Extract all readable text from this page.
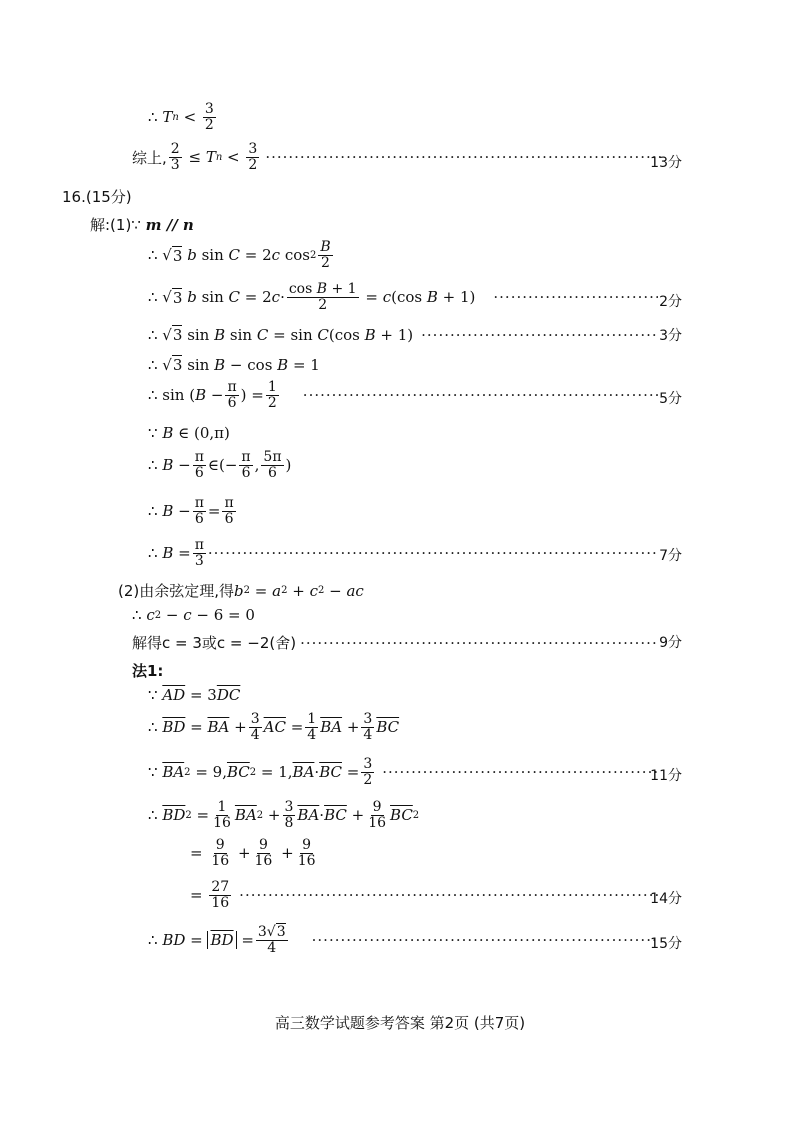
∴
T $n < \frac{3}{2}$
综上, $\frac{2}{3} \le T$ $n < \frac{3}{2}$ ·····	13分
16.(15分)
解:(1)∵
m // n
∴ √ 3
b sin C = 2 c $\cos 2 \frac{B}{2}$
∴ √ 3
b sin C = 2 $c \cdot \frac{\text{cos B + 1}}{2} = c$ (cos B + 1) ·····	2分
∴ √ 3 sin B sin C = sin C (cos B + 1) ·····	3分
∴ √ 3 sin B − cos B = 1
∴ sin ( $B - \frac{\pi}{6}$ ) = $\frac{1}{2}$ ·····	5分
∵ B ∈ (0,π)
∴ $B - \frac{\pi}{6}$ ∈(− $\frac{\pi}{6}$ , $\frac{5\pi}{6}$ )
∴ $B - \frac{\pi}{6} = \frac{\pi}{6}$
∴ $B = \frac{\pi}{3}$ ·····	7分
(2)由余弦定理,得 b 2 = a 2 + c 2 − ac
∴ c 2 − c − 6 = 0
解得 c = 3或c = −2(舍) ·····	9分
法1:
∵ $\overline{AD} = 3$ $\overline{DC}$
∴ $\overline{BD} = \overline{BA} + \frac{3}{4} \overline{AC} = \frac{1}{4} \overline{BA} + \frac{3}{4} \overline{BC}$
∵ $\overline{BA}$ 2 = 9, $\overline{BC}$ 2 = 1, $\overline{BA} \cdot \overline{BC} = \frac{3}{2}$ ·····	11分
∴ $\overline{BD}$ $2 = \frac{1}{16} \overline{BA}$ $2 + \frac{3}{8} \overline{BA} \cdot \overline{BC} + \frac{9}{16} \overline{BC}$ 2
= $\frac{9}{16} + \frac{9}{16} + \frac{9}{16}$
= $\frac{27}{16}$ ·····	14分
∴ BD = $\overline{BD} = \frac{3√3}{4}$ ·····	15分
高三数学试题参考答案 第2页 (共7页)
